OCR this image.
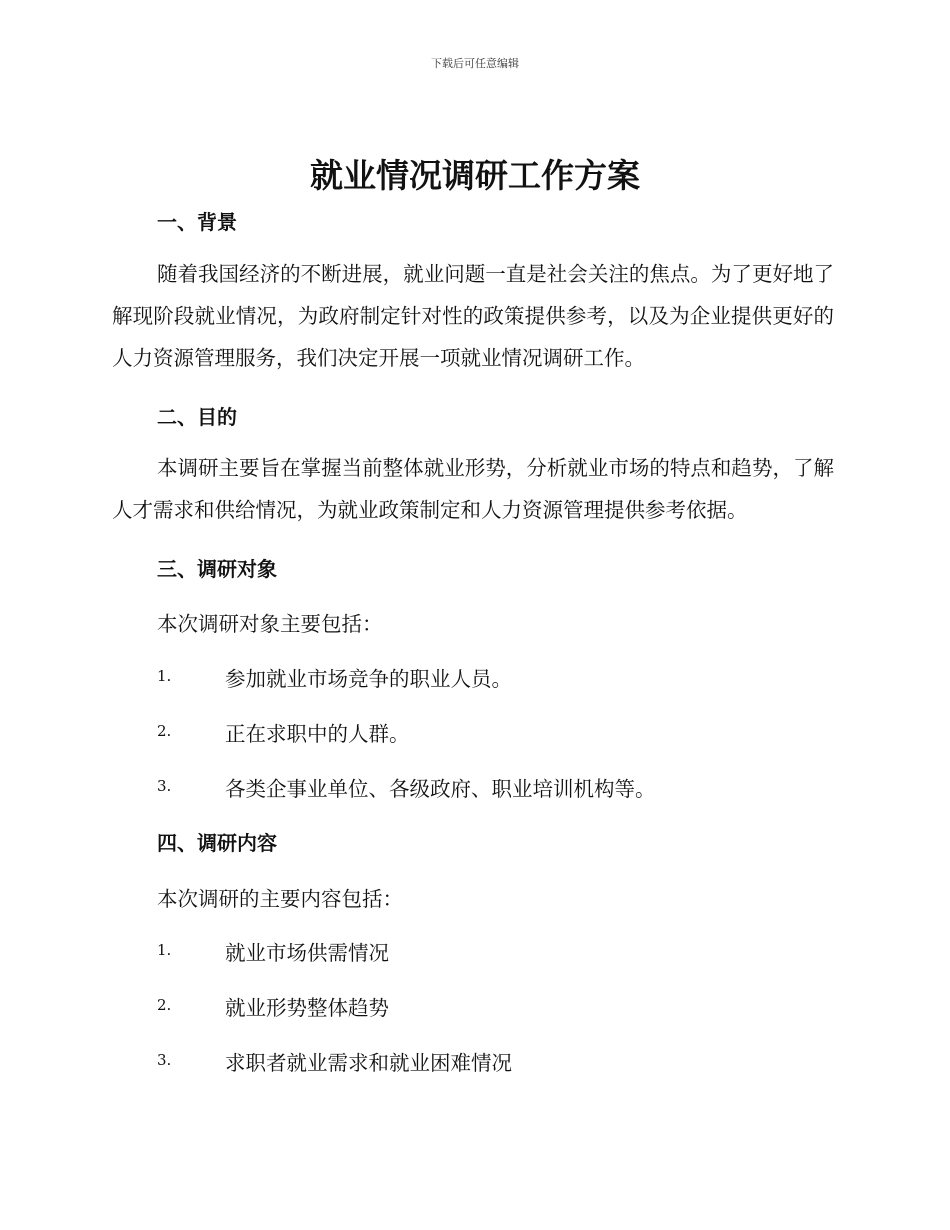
下载后可任意编辑
就业情况调研工作方案
一、背景

随着我国经济的不断进展，就业问题一直是社会关注的焦点。为了更好地了解现阶段就业情况，为政府制定针对性的政策提供参考，以及为企业提供更好的人力资源管理服务，我们决定开展一项就业情况调研工作。

二、目的

本调研主要旨在掌握当前整体就业形势，分析就业市场的特点和趋势，了解人才需求和供给情况，为就业政策制定和人力资源管理提供参考依据。

三、调研对象

本次调研对象主要包括：

1.	参加就业市场竞争的职业人员。
2.	正在求职中的人群。
3.	各类企事业单位、各级政府、职业培训机构等。
四、调研内容

本次调研的主要内容包括：

1.	就业市场供需情况
2.	就业形势整体趋势
3.	求职者就业需求和就业困难情况
